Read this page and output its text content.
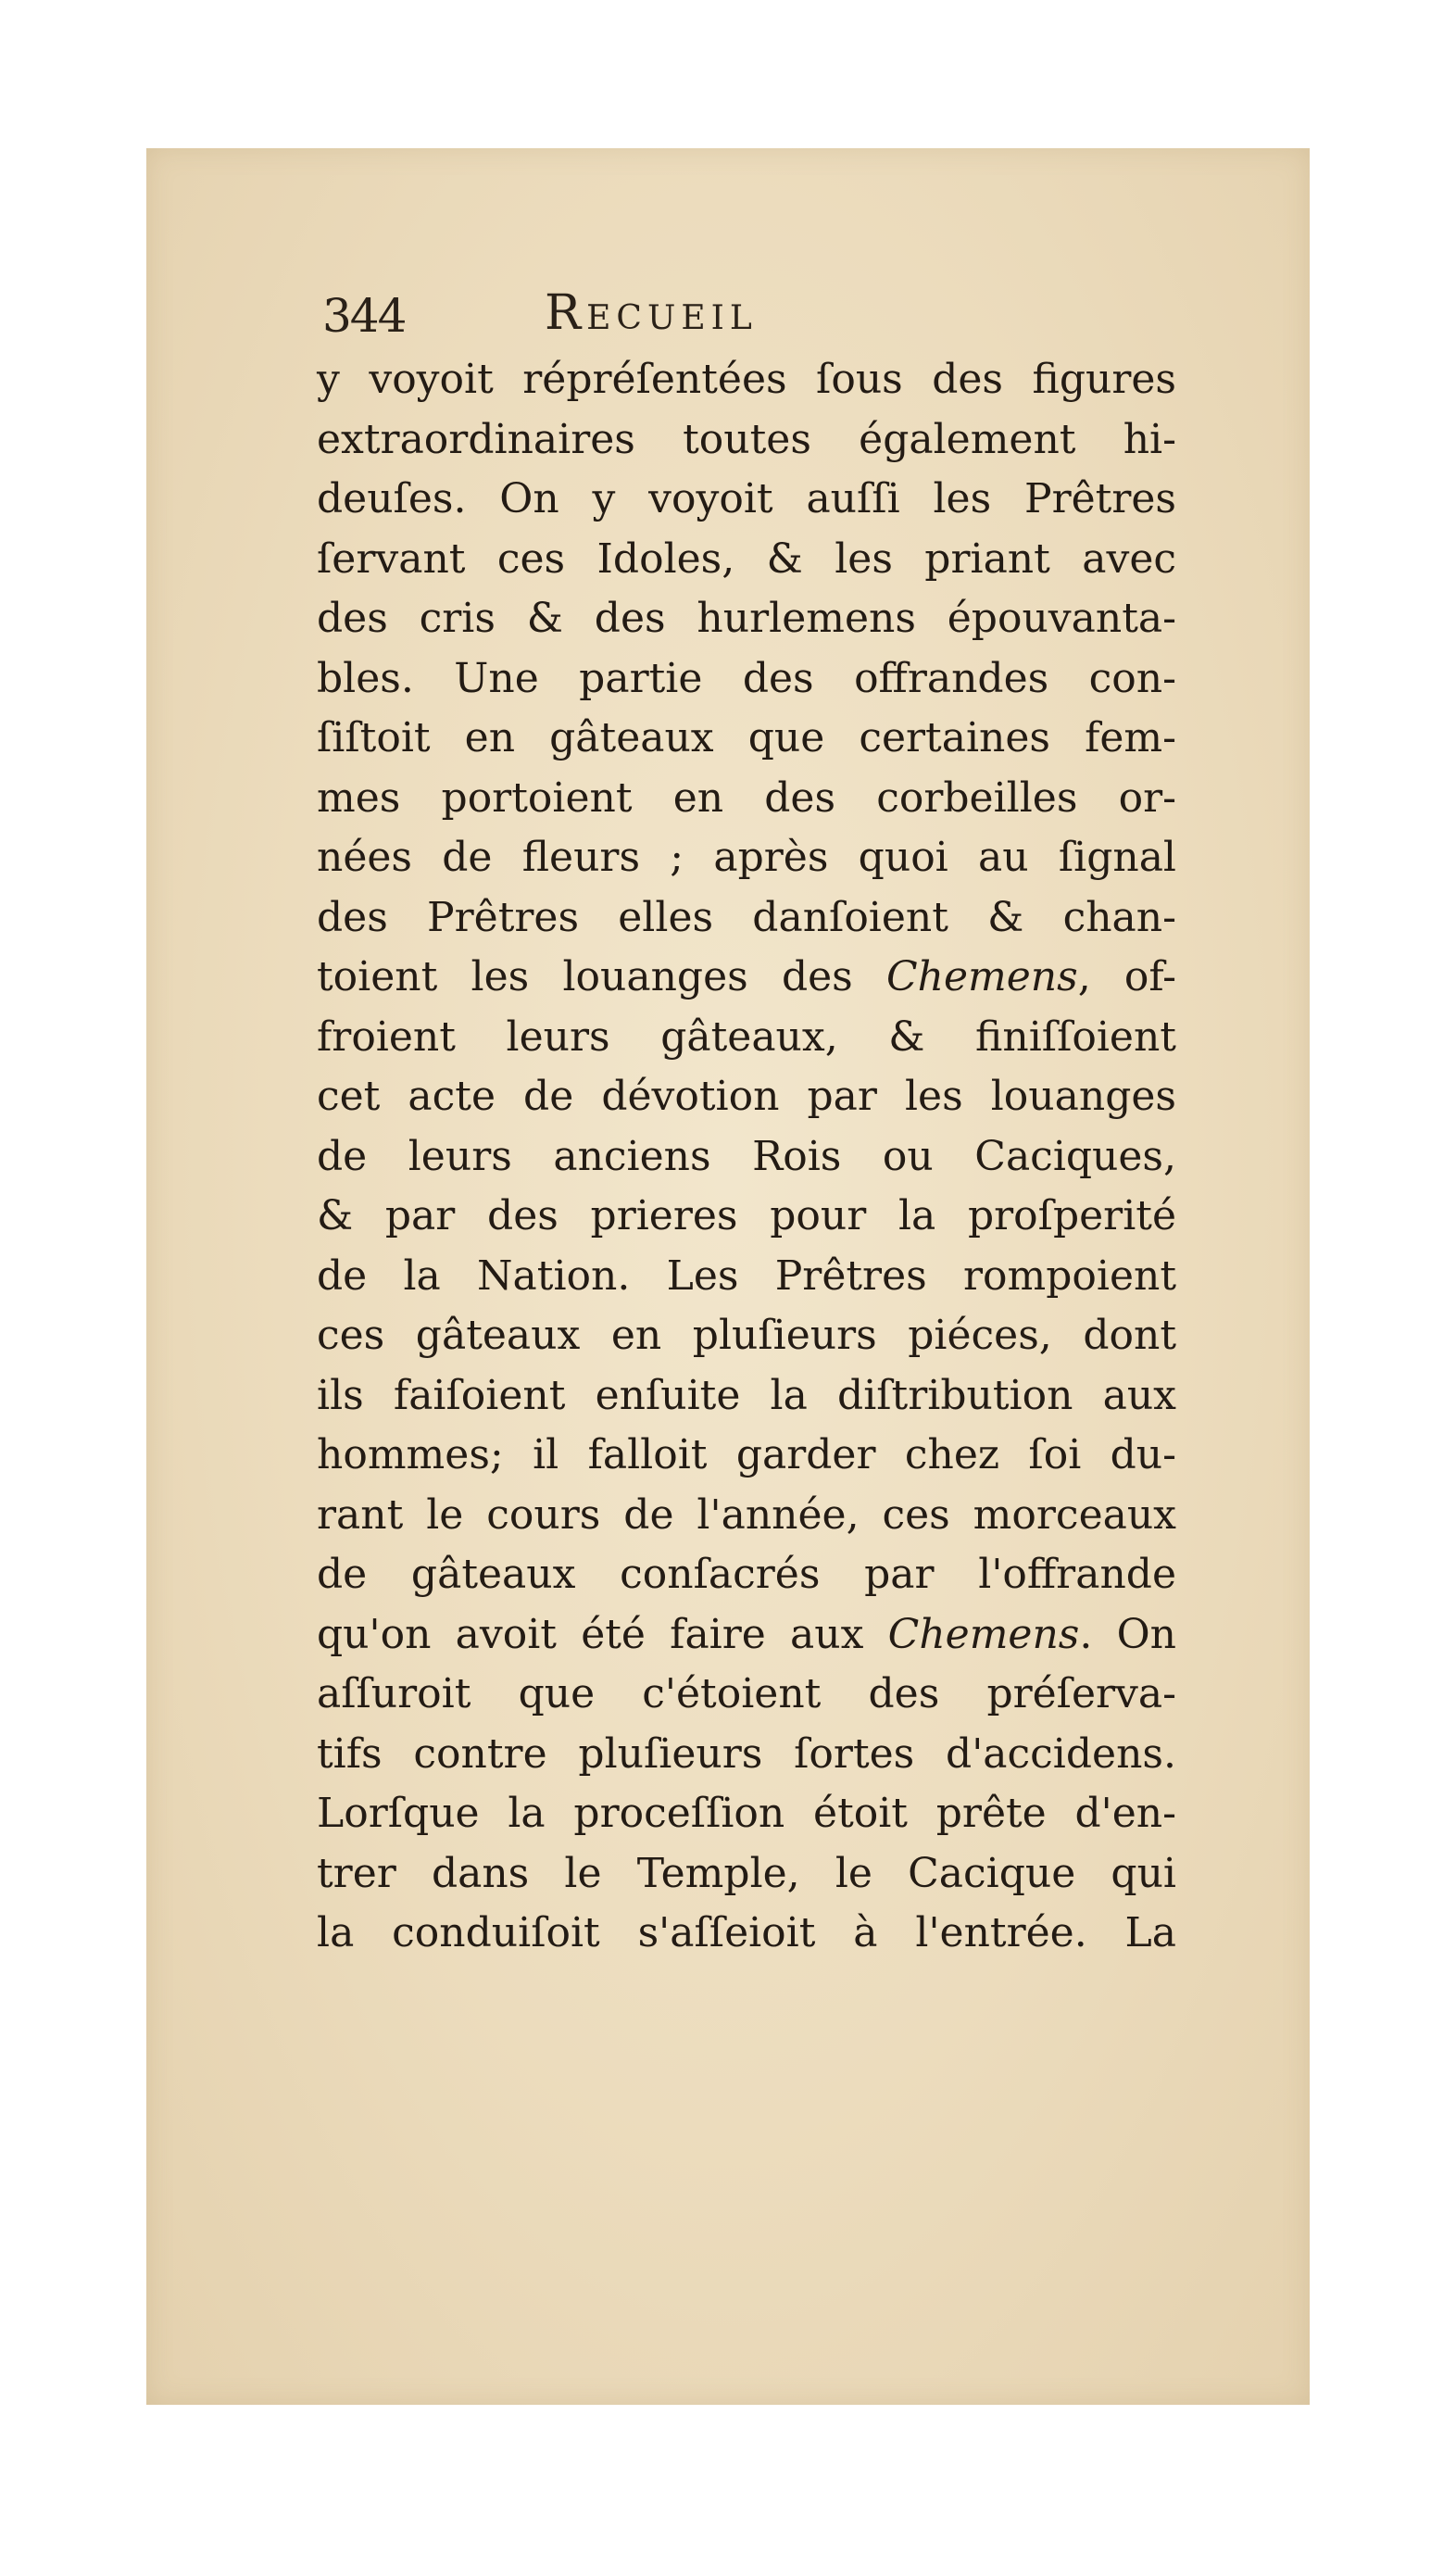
344	Recueil
y voyoit répréſentées ſous des figures
extraordinaires toutes également hi-
deuſes. On y voyoit auſſi les Prêtres
ſervant ces Idoles, & les priant avec
des cris & des hurlemens épouvanta-
bles. Une partie des offrandes con-
ſiſtoit en gâteaux que certaines fem-
mes portoient en des corbeilles or-
nées de fleurs ; après quoi au ſignal
des Prêtres elles danſoient & chan-
toient les louanges des Chemens, of-
froient leurs gâteaux, & finiſſoient
cet acte de dévotion par les louanges
de leurs anciens Rois ou Caciques,
& par des prieres pour la proſperité
de la Nation. Les Prêtres rompoient
ces gâteaux en pluſieurs piéces, dont
ils faiſoient enſuite la diſtribution aux
hommes; il falloit garder chez ſoi du-
rant le cours de l'année, ces morceaux
de gâteaux conſacrés par l'offrande
qu'on avoit été faire aux Chemens. On
aſſuroit que c'étoient des préſerva-
tifs contre pluſieurs ſortes d'accidens.
Lorſque la proceſſion étoit prête d'en-
trer dans le Temple, le Cacique qui
la conduiſoit s'aſſeioit à l'entrée. La
